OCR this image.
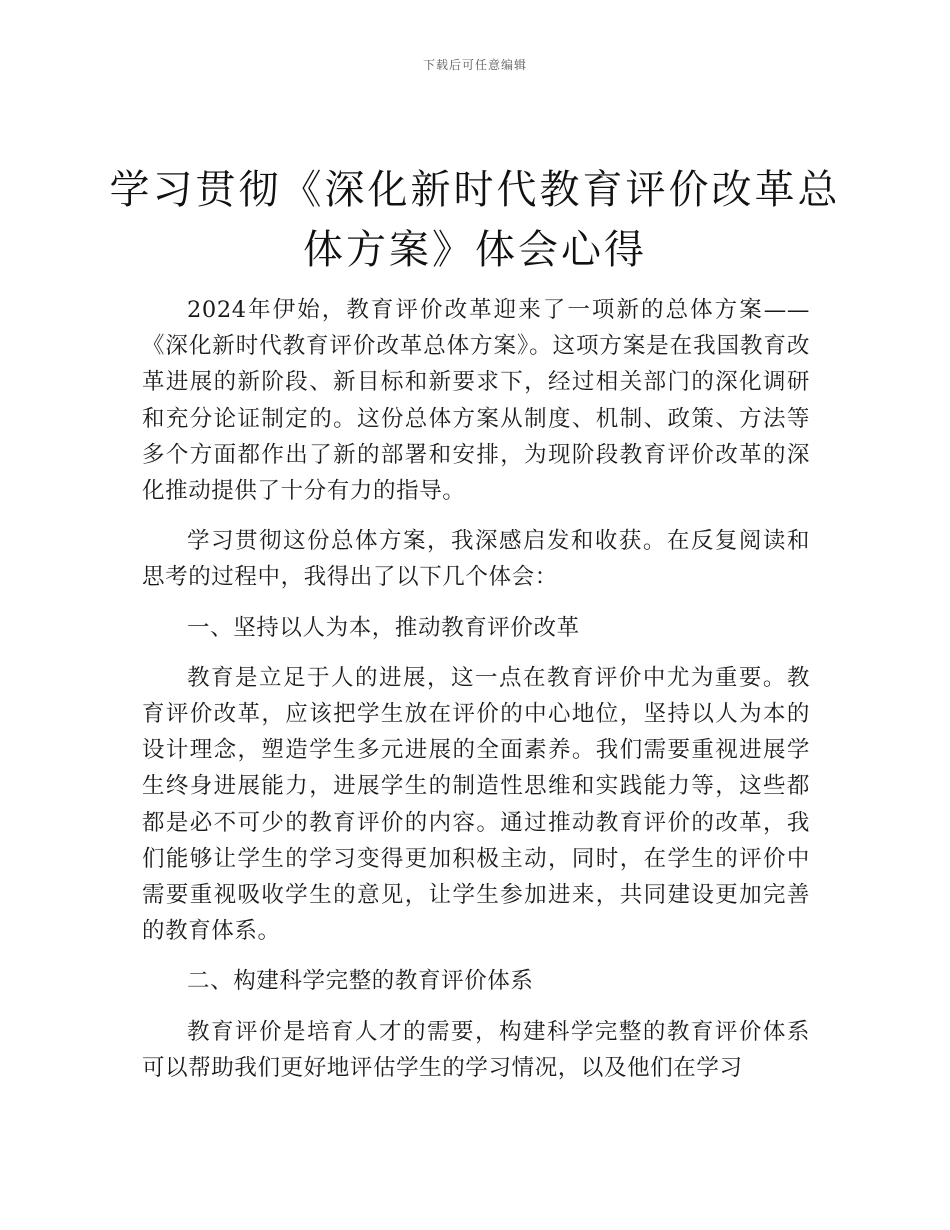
下载后可任意编辑
学习贯彻《深化新时代教育评价改革总体方案》体会心得

2024年伊始，教育评价改革迎来了一项新的总体方案——《深化新时代教育评价改革总体方案》。这项方案是在我国教育改革进展的新阶段、新目标和新要求下，经过相关部门的深化调研和充分论证制定的。这份总体方案从制度、机制、政策、方法等多个方面都作出了新的部署和安排，为现阶段教育评价改革的深化推动提供了十分有力的指导。

学习贯彻这份总体方案，我深感启发和收获。在反复阅读和思考的过程中，我得出了以下几个体会：

一、坚持以人为本，推动教育评价改革

教育是立足于人的进展，这一点在教育评价中尤为重要。教育评价改革，应该把学生放在评价的中心地位，坚持以人为本的设计理念，塑造学生多元进展的全面素养。我们需要重视进展学生终身进展能力，进展学生的制造性思维和实践能力等，这些都都是必不可少的教育评价的内容。通过推动教育评价的改革，我们能够让学生的学习变得更加积极主动，同时，在学生的评价中需要重视吸收学生的意见，让学生参加进来，共同建设更加完善的教育体系。

二、构建科学完整的教育评价体系

教育评价是培育人才的需要，构建科学完整的教育评价体系可以帮助我们更好地评估学生的学习情况，以及他们在学习
